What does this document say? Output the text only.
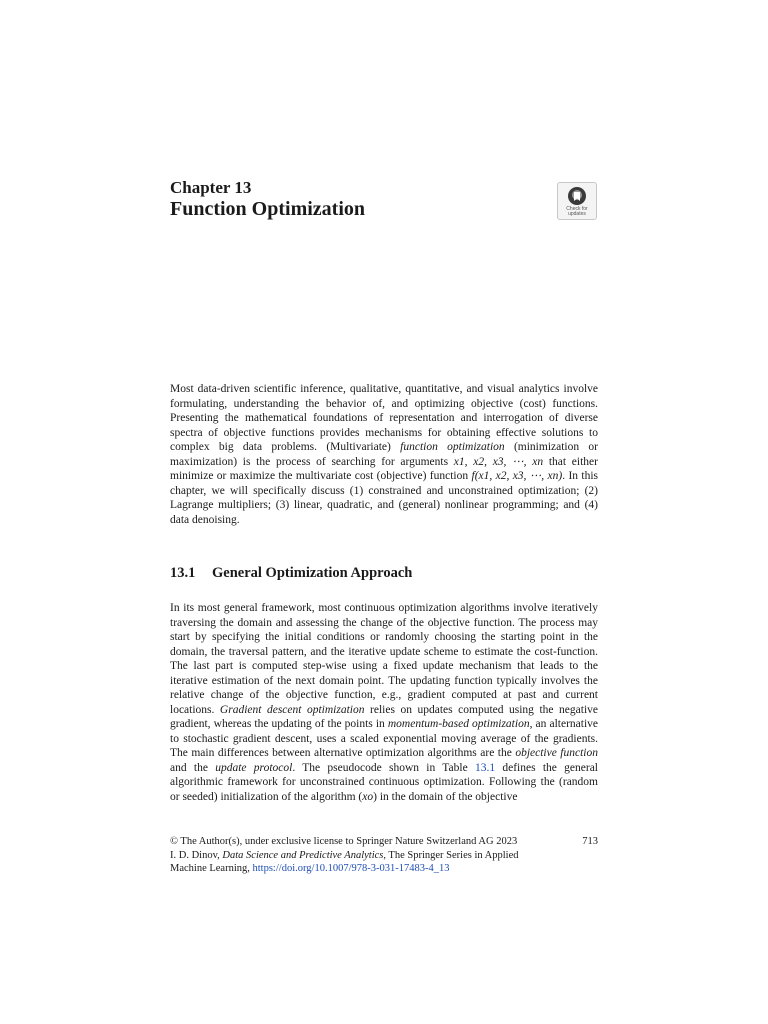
Chapter 13
Function Optimization	Check for
updates

Most data-driven scientific inference, qualitative, quantitative, and visual analytics involve formulating, understanding the behavior of, and optimizing objective (cost) functions. Presenting the mathematical foundations of representation and interrogation of diverse spectra of objective functions provides mechanisms for obtaining effective solutions to complex big data problems. (Multivariate) function optimization (minimization or maximization) is the process of searching for arguments x1, x2, x3, ⋯, xn that either minimize or maximize the multivariate cost (objective) function f(x1, x2, x3, ⋯, xn). In this chapter, we will specifically discuss (1) constrained and unconstrained optimization; (2) Lagrange multipliers; (3) linear, quadratic, and (general) nonlinear programming; and (4) data denoising.

13.1 General Optimization Approach

In its most general framework, most continuous optimization algorithms involve iteratively traversing the domain and assessing the change of the objective function. The process may start by specifying the initial conditions or randomly choosing the starting point in the domain, the traversal pattern, and the iterative update scheme to estimate the cost-function. The last part is computed step-wise using a fixed update mechanism that leads to the iterative estimation of the next domain point. The updating function typically involves the relative change of the objective function, e.g., gradient computed at past and current locations. Gradient descent optimization relies on updates computed using the negative gradient, whereas the updating of the points in momentum-based optimization, an alternative to stochastic gradient descent, uses a scaled exponential moving average of the gradients. The main differences between alternative optimization algorithms are the objective function and the update protocol. The pseudocode shown in Table 13.1 defines the general algorithmic framework for unconstrained continuous optimization. Following the (random or seeded) initialization of the algorithm (xo) in the domain of the objective

© The Author(s), under exclusive license to Springer Nature Switzerland AG 2023	713
I. D. Dinov, Data Science and Predictive Analytics, The Springer Series in Applied
Machine Learning, https://doi.org/10.1007/978-3-031-17483-4_13
